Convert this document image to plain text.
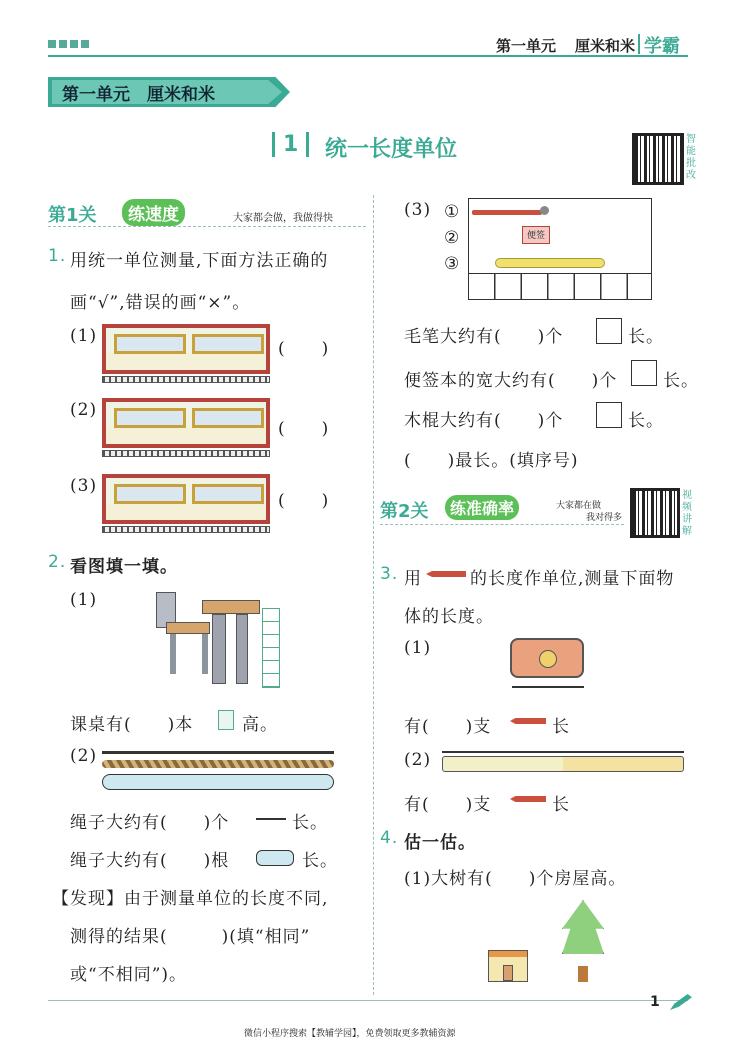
第一单元 厘米和米 学霸
第一单元　厘米和米
1	统一长度单位	智能批改
第1关	练速度	大家都会做，我做得快
1. 用统一单位测量,下面方法正确的
画“√”,错误的画“×”。
(1)
(　　)
(2)
(　　)
(3)
(　　)
2. 看图填一填。
(1)
课桌有(　　)本	高。
(2)
绳子大约有(　　)个	长。
绳子大约有(　　)根	长。
【发现】由于测量单位的长度不同,
测得的结果(　　　)(填“相同”
或“不相同”)。
(3) ①
②
③
便签
毛笔大约有(　　)个	长。
便签本的宽大约有(　　)个	长。
木棍大约有(　　)个	长。
(　　)最长。(填序号)
第2关	练准确率	大家都在做
我对得多
视频讲解
3. 用	的长度作单位,测量下面物
体的长度。
(1)
有(　　)支	长
(2)
有(　　)支	长
4. 估一估。
(1)大树有(　　)个房屋高。
1
微信小程序搜索【教辅学园】，免费领取更多教辅资源
